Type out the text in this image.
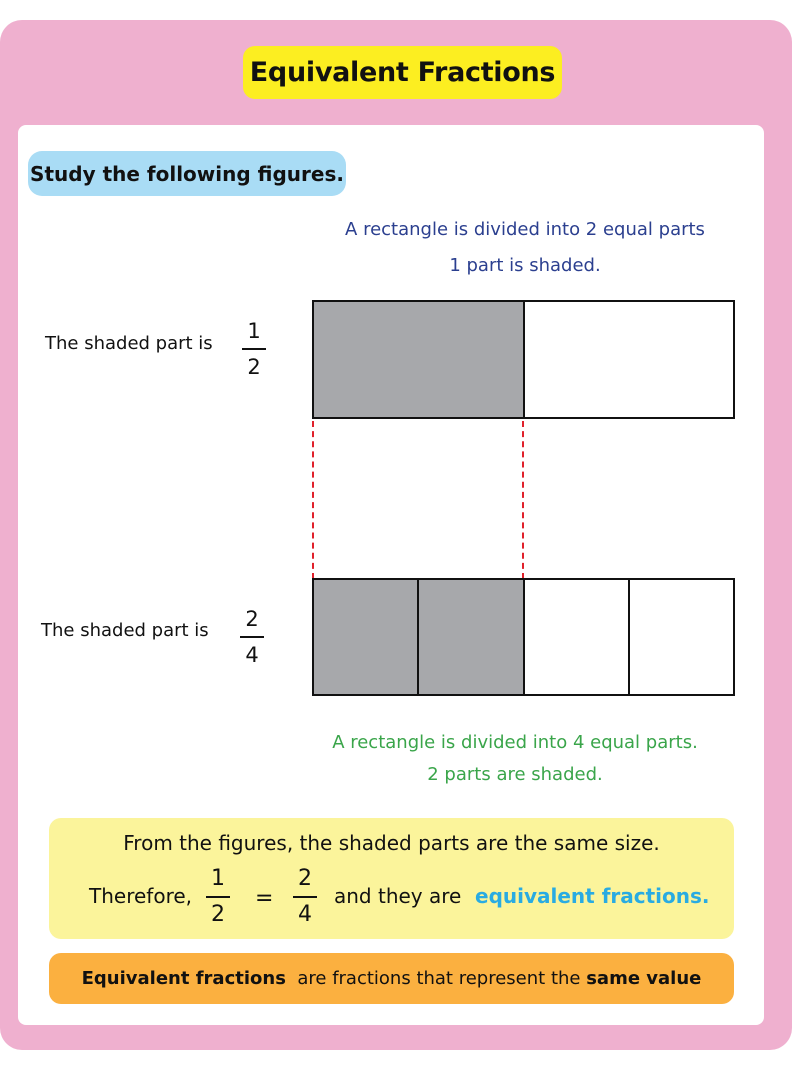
Equivalent Fractions
Study the following figures.
A rectangle is divided into 2 equal parts
1 part is shaded.
The shaded part is
1
2
The shaded part is	2
4
A rectangle is divided into 4 equal parts.
2 parts are shaded.
From the figures, the shaded parts are the same size.
Therefore,
1
2
=
2
4
and they are equivalent fractions.
Equivalent fractions are fractions that represent the same value
